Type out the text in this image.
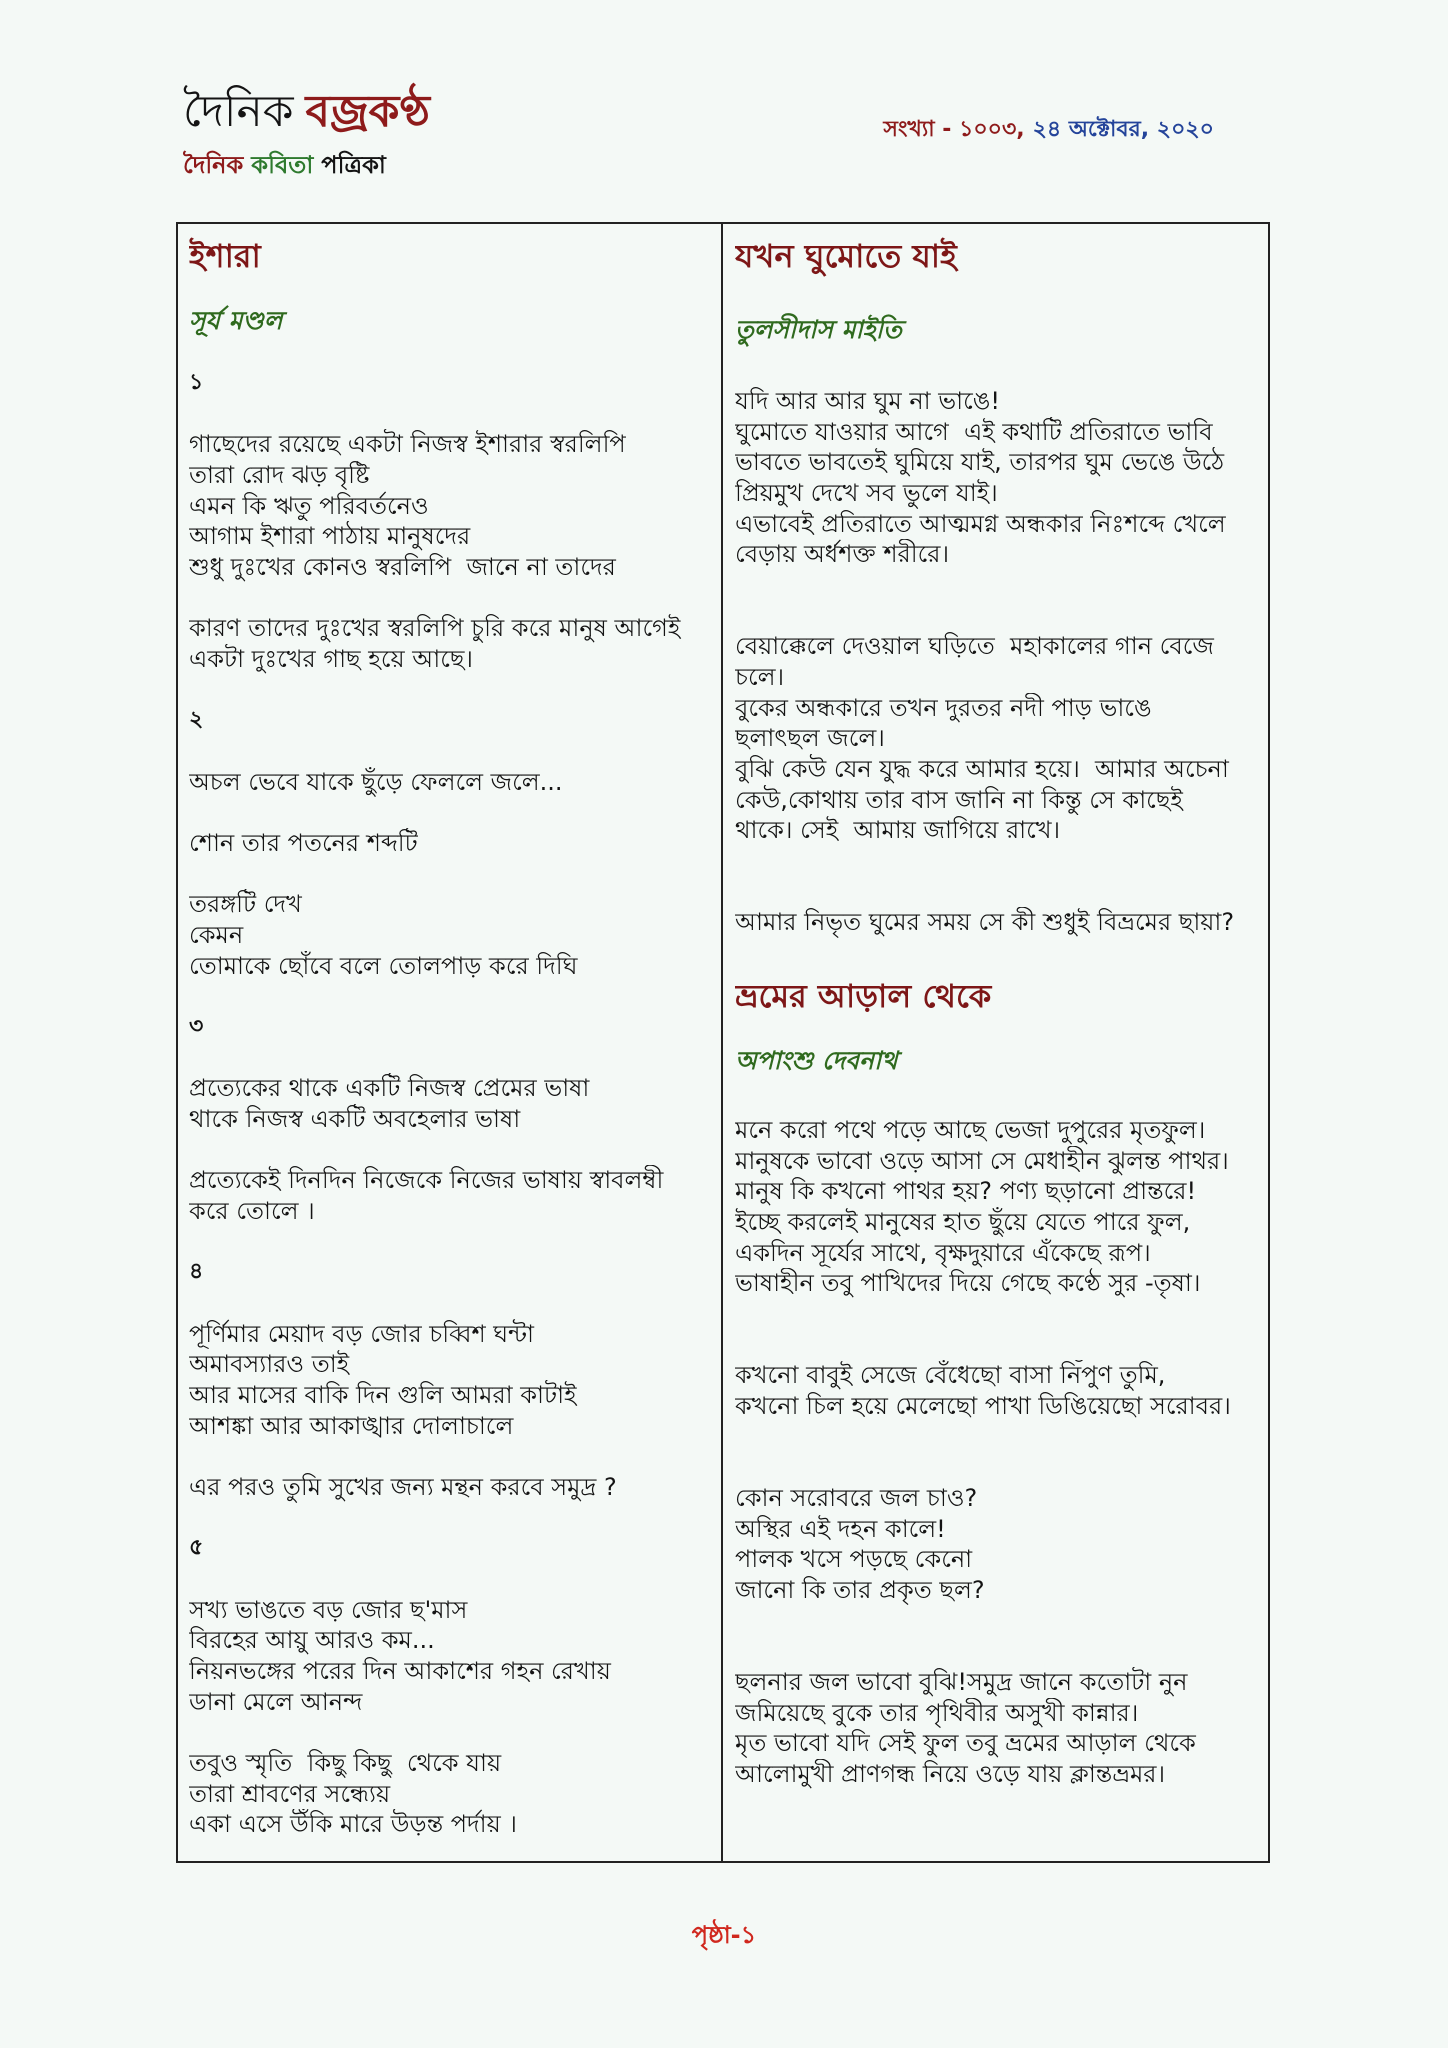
দৈনিক বজ্রকণ্ঠ
দৈনিক কবিতা পত্রিকা
সংখ্যা - ১০০৩, ২৪ অক্টোবর, ২০২০
ইশারা
সূর্য মণ্ডল
১
গাছেদের রয়েছে একটা নিজস্ব ইশারার স্বরলিপি
তারা রোদ ঝড় বৃষ্টি
এমন কি ঋতু পরিবর্তনেও
আগাম ইশারা পাঠায় মানুষদের
শুধু দুঃখের কোনও স্বরলিপি  জানে না তাদের
কারণ তাদের দুঃখের স্বরলিপি চুরি করে মানুষ আগেই
একটা দুঃখের গাছ হয়ে আছে।
২
অচল ভেবে যাকে ছুঁড়ে ফেললে জলে...
শোন তার পতনের শব্দটি
তরঙ্গটি দেখ
কেমন
তোমাকে ছোঁবে বলে তোলপাড় করে দিঘি
৩
প্রত্যেকের থাকে একটি নিজস্ব প্রেমের ভাষা
থাকে নিজস্ব একটি অবহেলার ভাষা
প্রত্যেকেই দিনদিন নিজেকে নিজের ভাষায় স্বাবলম্বী
করে তোলে ।
৪
পূর্ণিমার মেয়াদ বড় জোর চব্বিশ ঘন্টা
অমাবস্যারও তাই
আর মাসের বাকি দিন গুলি আমরা কাটাই
আশঙ্কা আর আকাঙ্খার দোলাচালে
এর পরও তুমি সুখের জন্য মন্থন করবে সমুদ্র ?
৫
সখ্য ভাঙতে বড় জোর ছ'মাস
বিরহের আয়ু আরও কম...
নিয়নভঙ্গের পরের দিন আকাশের গহন রেখায়
ডানা মেলে আনন্দ
তবুও স্মৃতি  কিছু কিছু  থেকে যায়
তারা শ্রাবণের সন্ধ্যেয়
একা এসে উঁকি মারে উড়ন্ত পর্দায় ।
যখন ঘুমোতে যাই
তুলসীদাস মাইতি
যদি আর আর ঘুম না ভাঙে!
ঘুমোতে যাওয়ার আগে  এই কথাটি প্রতিরাতে ভাবি
ভাবতে ভাবতেই ঘুমিয়ে যাই, তারপর ঘুম ভেঙে উঠে
প্রিয়মুখ দেখে সব ভুলে যাই।
এভাবেই প্রতিরাতে আত্মমগ্ন অন্ধকার নিঃশব্দে খেলে
বেড়ায় অর্ধশক্ত শরীরে।
বেয়াক্কেলে দেওয়াল ঘড়িতে  মহাকালের গান বেজে
চলে।
বুকের অন্ধকারে তখন দুরতর নদী পাড় ভাঙে
ছলাৎছল জলে।
বুঝি কেউ যেন যুদ্ধ করে আমার হয়ে।  আমার অচেনা
কেউ,কোথায় তার বাস জানি না কিন্তু সে কাছেই
থাকে। সেই  আমায় জাগিয়ে রাখে।
আমার নিভৃত ঘুমের সময় সে কী শুধুই বিভ্রমের ছায়া?
ভ্রমের আড়াল থেকে
অপাংশু দেবনাথ
মনে করো পথে পড়ে আছে ভেজা দুপুরের মৃতফুল।
মানুষকে ভাবো ওড়ে আসা সে মেধাহীন ঝুলন্ত পাথর।
মানুষ কি কখনো পাথর হয়? পণ্য ছড়ানো প্রান্তরে!
ইচ্ছে করলেই মানুষের হাত ছুঁয়ে যেতে পারে ফুল,
একদিন সূর্যের সাথে, বৃক্ষদুয়ারে এঁকেছে রূপ।
ভাষাহীন তবু পাখিদের দিয়ে গেছে কণ্ঠে সুর -তৃষা।
কখনো বাবুই সেজে বেঁধেছো বাসা নিঁপুণ তুমি,
কখনো চিল হয়ে মেলেছো পাখা ডিঙিয়েছো সরোবর।
কোন সরোবরে জল চাও?
অস্থির এই দহন কালে!
পালক খসে পড়ছে কেনো
জানো কি তার প্রকৃত ছল?
ছলনার জল ভাবো বুঝি!সমুদ্র জানে কতোটা নুন
জমিয়েছে বুকে তার পৃথিবীর অসুখী কান্নার।
মৃত ভাবো যদি সেই ফুল তবু ভ্রমের আড়াল থেকে
আলোমুখী প্রাণগন্ধ নিয়ে ওড়ে যায় ক্লান্তভ্রমর।
পৃষ্ঠা-১
